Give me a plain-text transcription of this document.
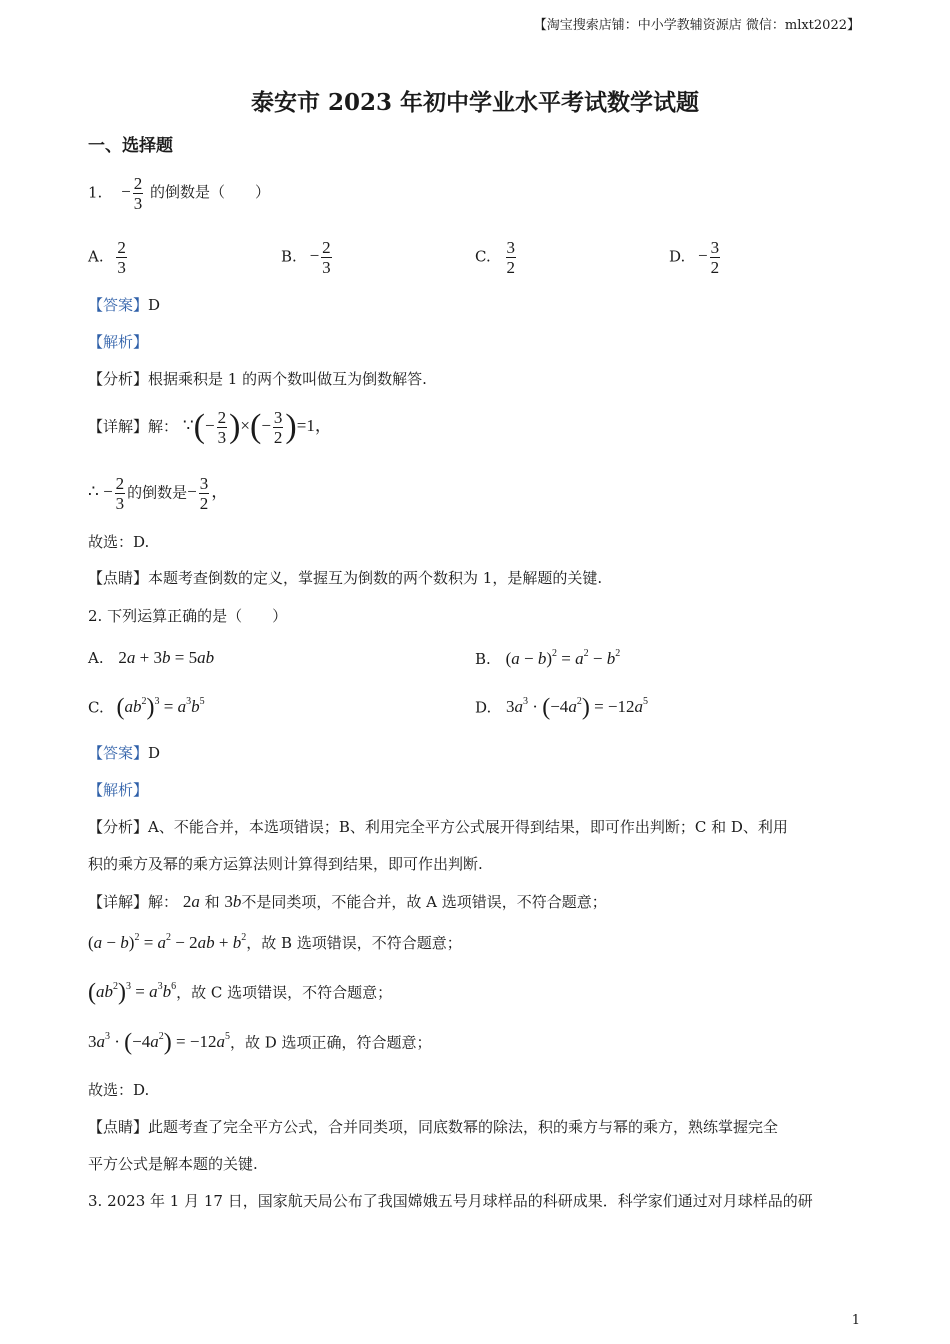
【淘宝搜索店铺：中小学教辅资源店 微信：mlxt2022】
泰安市 2023 年初中学业水平考试数学试题
一、选择题
1. − $\frac{2}{3}$ 的倒数是（　　）
A. $\frac{2}{3}$	B. − $\frac{2}{3}$	C. $\frac{3}{2}$	D. − $\frac{3}{2}$
【答案】D
【解析】
【分析】根据乘积是 1 的两个数叫做互为倒数解答.
【详解】解： ∵(− $\frac{2}{3}$ )×(− $\frac{3}{2} )=1$，
∴ − $\frac{2}{3}$ 的倒数是− $\frac{3}{2}$ ，
故选：D.
【点睛】本题考查倒数的定义，掌握互为倒数的两个数积为 1，是解题的关键.
2. 下列运算正确的是（　　）
A. 2a + 3b = 5ab	B. $(a - b)^2 = a^2 - b^2$
C. $(ab^2)^3 = a^3b^5$	D. $3a^3 \cdot (-4a^2) = -12a^5$
【答案】D
【解析】
【分析】A、不能合并，本选项错误；B、利用完全平方公式展开得到结果，即可作出判断；C 和 D、利用
积的乘方及幂的乘方运算法则计算得到结果，即可作出判断.
【详解】解： 2a 和 3b不是同类项，不能合并，故 A 选项错误，不符合题意；
$(a - b)^2 = a^2 - 2ab + b^2$，故 B 选项错误，不符合题意；
$(ab^2)^3 = a^3b^6$，故 C 选项错误，不符合题意；
$3a^3 \cdot (-4a^2) = -12a^5$，故 D 选项正确，符合题意；
故选：D.
【点睛】此题考查了完全平方公式，合并同类项，同底数幂的除法，积的乘方与幂的乘方，熟练掌握完全
平方公式是解本题的关键.
3. 2023 年 1 月 17 日，国家航天局公布了我国嫦娥五号月球样品的科研成果．科学家们通过对月球样品的研
1
